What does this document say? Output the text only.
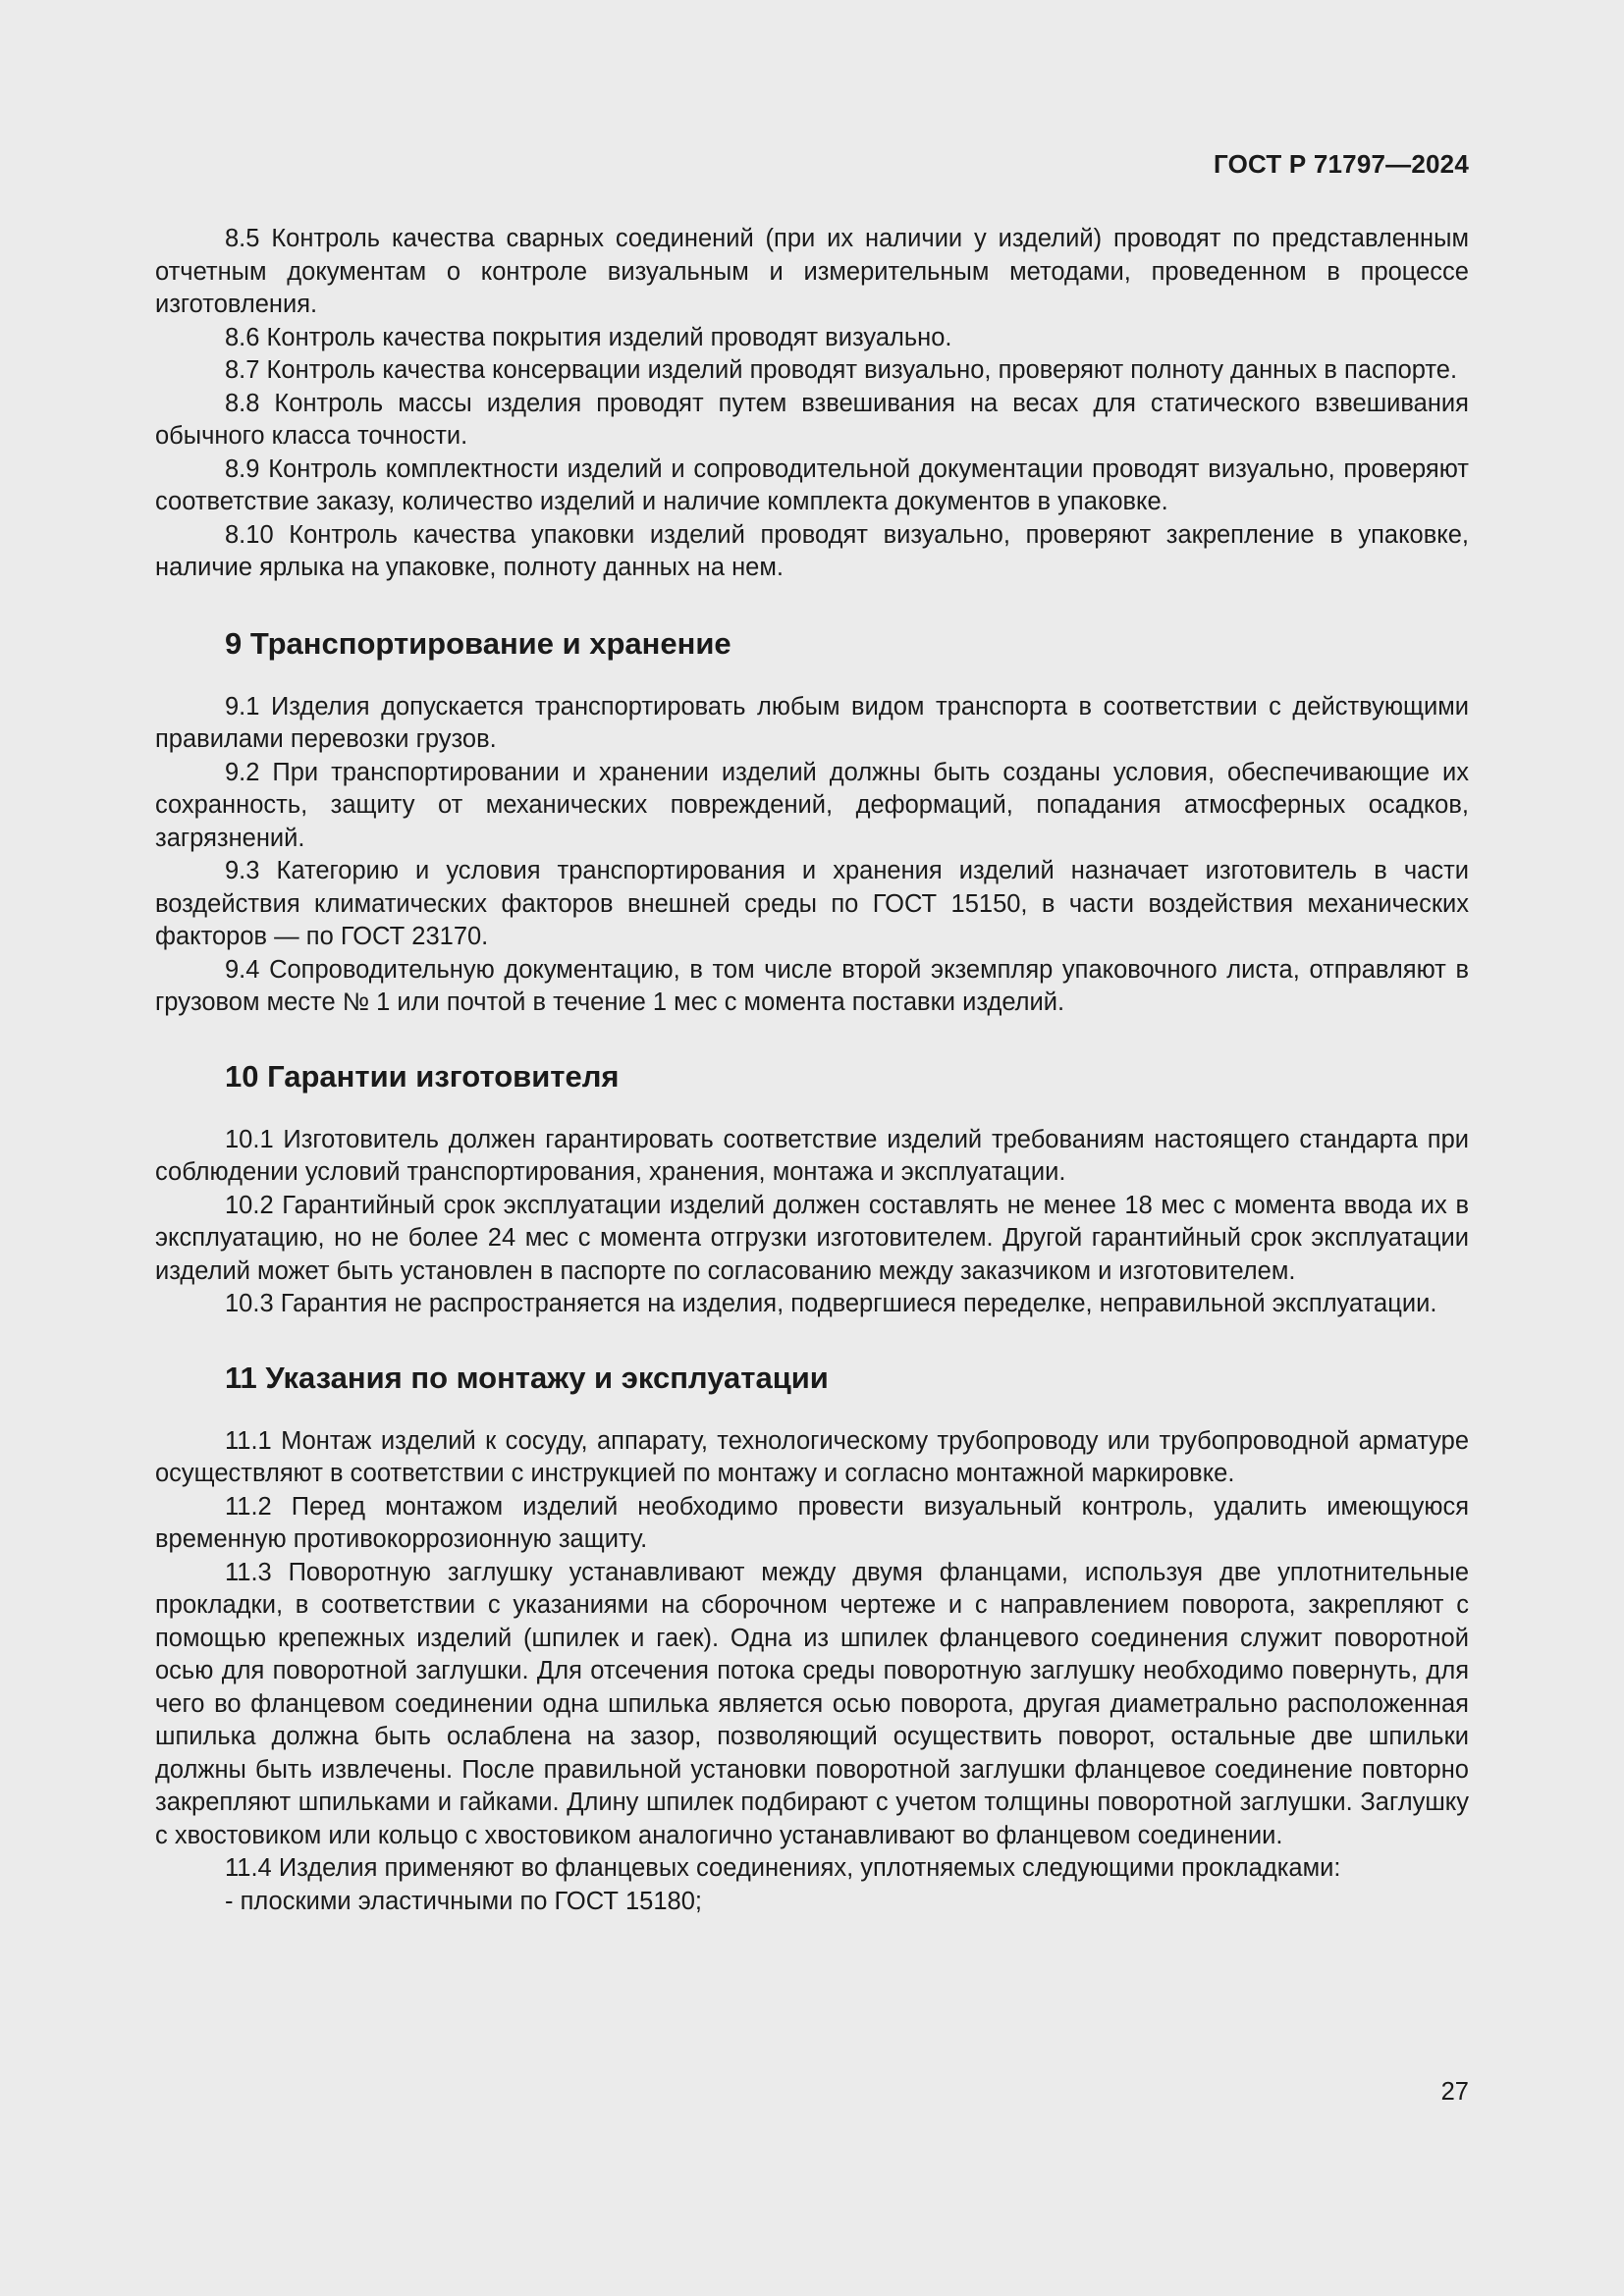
ГОСТ Р 71797—2024

8.5 Контроль качества сварных соединений (при их наличии у изделий) проводят по представленным отчетным документам о контроле визуальным и измерительным методами, проведенном в процессе изготовления.

8.6 Контроль качества покрытия изделий проводят визуально.

8.7 Контроль качества консервации изделий проводят визуально, проверяют полноту данных в паспорте.

8.8 Контроль массы изделия проводят путем взвешивания на весах для статического взвешивания обычного класса точности.

8.9 Контроль комплектности изделий и сопроводительной документации проводят визуально, проверяют соответствие заказу, количество изделий и наличие комплекта документов в упаковке.

8.10 Контроль качества упаковки изделий проводят визуально, проверяют закрепление в упаковке, наличие ярлыка на упаковке, полноту данных на нем.

9 Транспортирование и хранение

9.1 Изделия допускается транспортировать любым видом транспорта в соответствии с действующими правилами перевозки грузов.

9.2 При транспортировании и хранении изделий должны быть созданы условия, обеспечивающие их сохранность, защиту от механических повреждений, деформаций, попадания атмосферных осадков, загрязнений.

9.3 Категорию и условия транспортирования и хранения изделий назначает изготовитель в части воздействия климатических факторов внешней среды по ГОСТ 15150, в части воздействия механических факторов — по ГОСТ 23170.

9.4 Сопроводительную документацию, в том числе второй экземпляр упаковочного листа, отправляют в грузовом месте № 1 или почтой в течение 1 мес с момента поставки изделий.

10 Гарантии изготовителя

10.1 Изготовитель должен гарантировать соответствие изделий требованиям настоящего стандарта при соблюдении условий транспортирования, хранения, монтажа и эксплуатации.

10.2 Гарантийный срок эксплуатации изделий должен составлять не менее 18 мес с момента ввода их в эксплуатацию, но не более 24 мес с момента отгрузки изготовителем. Другой гарантийный срок эксплуатации изделий может быть установлен в паспорте по согласованию между заказчиком и изготовителем.

10.3 Гарантия не распространяется на изделия, подвергшиеся переделке, неправильной эксплуатации.

11 Указания по монтажу и эксплуатации

11.1 Монтаж изделий к сосуду, аппарату, технологическому трубопроводу или трубопроводной арматуре осуществляют в соответствии с инструкцией по монтажу и согласно монтажной маркировке.

11.2 Перед монтажом изделий необходимо провести визуальный контроль, удалить имеющуюся временную противокоррозионную защиту.

11.3 Поворотную заглушку устанавливают между двумя фланцами, используя две уплотнительные прокладки, в соответствии с указаниями на сборочном чертеже и с направлением поворота, закрепляют с помощью крепежных изделий (шпилек и гаек). Одна из шпилек фланцевого соединения служит поворотной осью для поворотной заглушки. Для отсечения потока среды поворотную заглушку необходимо повернуть, для чего во фланцевом соединении одна шпилька является осью поворота, другая диаметрально расположенная шпилька должна быть ослаблена на зазор, позволяющий осуществить поворот, остальные две шпильки должны быть извлечены. После правильной установки поворотной заглушки фланцевое соединение повторно закрепляют шпильками и гайками. Длину шпилек подбирают с учетом толщины поворотной заглушки. Заглушку с хвостовиком или кольцо с хвостовиком аналогично устанавливают во фланцевом соединении.

11.4 Изделия применяют во фланцевых соединениях, уплотняемых следующими прокладками:

- плоскими эластичными по ГОСТ 15180;

27
